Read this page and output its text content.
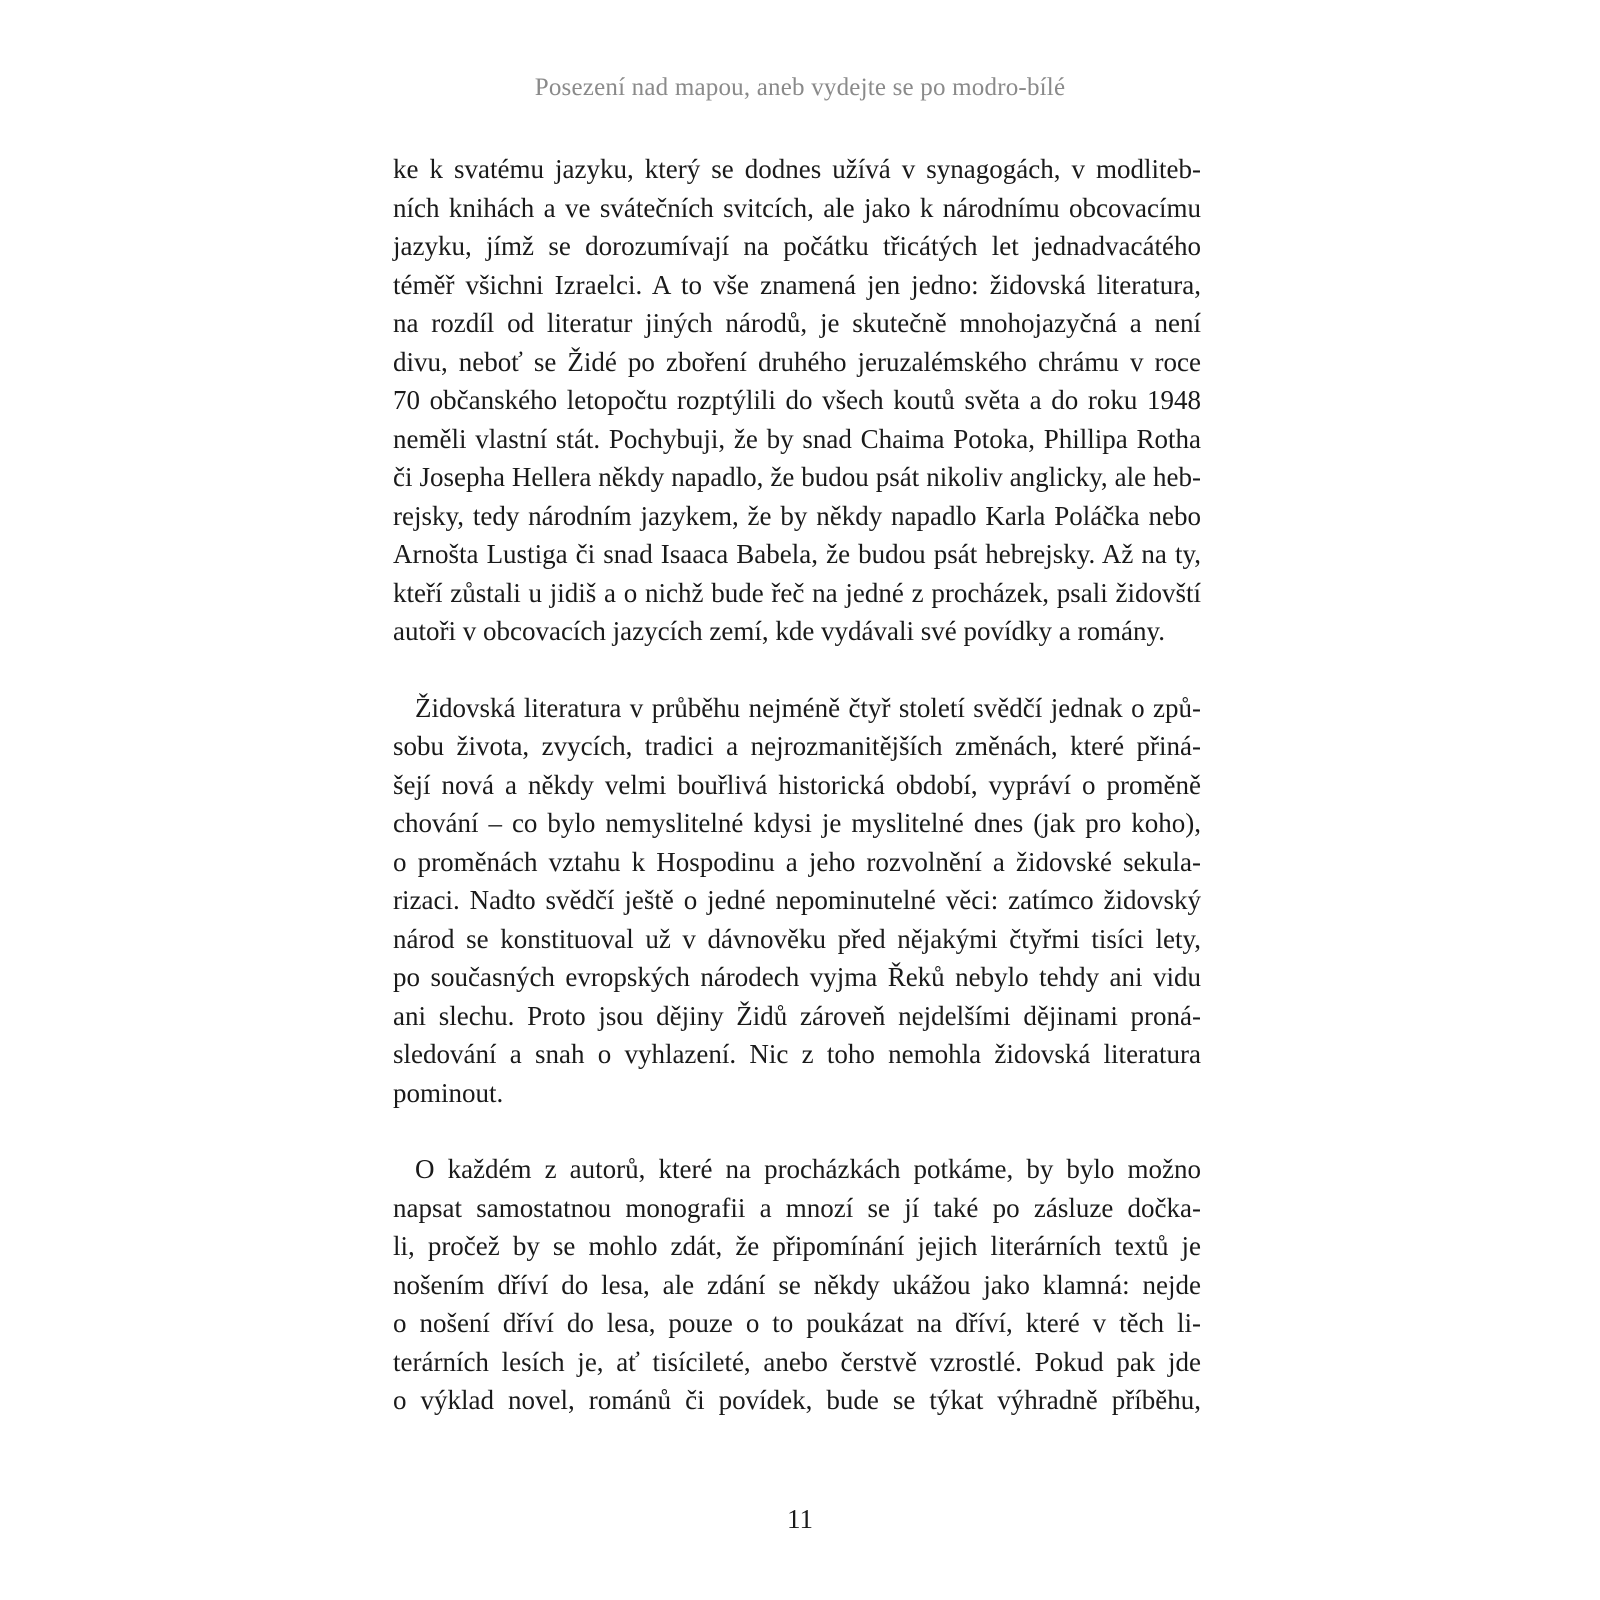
Posezení nad mapou, aneb vydejte se po modro-bílé

ke k svatému jazyku, který se dodnes užívá v synagogách, v modliteb-
ních knihách a ve svátečních svitcích, ale jako k národnímu obcovacímu
jazyku, jímž se dorozumívají na počátku třicátých let jednadvacátého
téměř všichni Izraelci. A to vše znamená jen jedno: židovská literatura,
na rozdíl od literatur jiných národů, je skutečně mnohojazyčná a není
divu, neboť se Židé po zboření druhého jeruzalémského chrámu v roce
70 občanského letopočtu rozptýlili do všech koutů světa a do roku 1948
neměli vlastní stát. Pochybuji, že by snad Chaima Potoka, Phillipa Rotha
či Josepha Hellera někdy napadlo, že budou psát nikoliv anglicky, ale heb-
rejsky, tedy národním jazykem, že by někdy napadlo Karla Poláčka nebo
Arnošta Lustiga či snad Isaaca Babela, že budou psát hebrejsky. Až na ty,
kteří zůstali u jidiš a o nichž bude řeč na jedné z procházek, psali židovští
autoři v obcovacích jazycích zemí, kde vydávali své povídky a romány.

Židovská literatura v průběhu nejméně čtyř století svědčí jednak o způ-
sobu života, zvycích, tradici a nejrozmanitějších změnách, které přiná-
šejí nová a někdy velmi bouřlivá historická období, vypráví o proměně
chování – co bylo nemyslitelné kdysi je myslitelné dnes (jak pro koho),
o proměnách vztahu k Hospodinu a jeho rozvolnění a židovské sekula-
rizaci. Nadto svědčí ještě o jedné nepominutelné věci: zatímco židovský
národ se konstituoval už v dávnověku před nějakými čtyřmi tisíci lety,
po současných evropských národech vyjma Řeků nebylo tehdy ani vidu
ani slechu. Proto jsou dějiny Židů zároveň nejdelšími dějinami proná-
sledování a snah o vyhlazení. Nic z toho nemohla židovská literatura
pominout.

O každém z autorů, které na procházkách potkáme, by bylo možno
napsat samostatnou monografii a mnozí se jí také po zásluze dočka-
li, pročež by se mohlo zdát, že připomínání jejich literárních textů je
nošením dříví do lesa, ale zdání se někdy ukážou jako klamná: nejde
o nošení dříví do lesa, pouze o to poukázat na dříví, které v těch li-
terárních lesích je, ať tisícileté, anebo čerstvě vzrostlé. Pokud pak jde
o výklad novel, románů či povídek, bude se týkat výhradně příběhu,

11
